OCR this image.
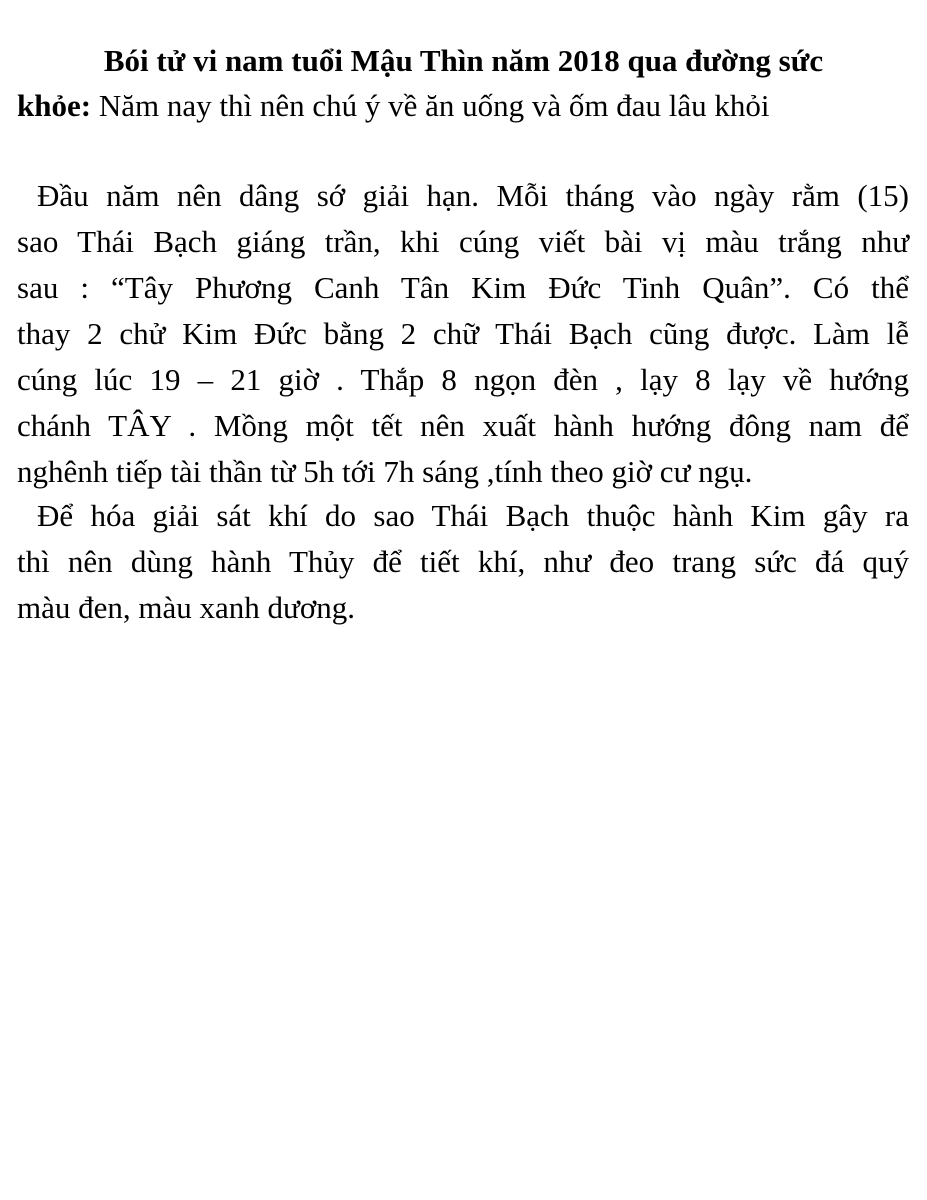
Bói tử vi nam tuổi Mậu Thìn năm 2018 qua đường sức
khỏe: Năm nay thì nên chú ý về ăn uống và ốm đau lâu khỏi
Đầu năm nên dâng sớ giải hạn. Mỗi tháng vào ngày rằm (15)
sao Thái Bạch giáng trần, khi cúng viết bài vị màu trắng như
sau : “Tây Phương Canh Tân Kim Đức Tinh Quân”. Có thể
thay 2 chử Kim Đức bằng 2 chữ Thái Bạch cũng được. Làm lễ
cúng lúc 19 – 21 giờ . Thắp 8 ngọn đèn , lạy 8 lạy về hướng
chánh TÂY . Mồng một tết nên xuất hành hướng đông nam để
nghênh tiếp tài thần từ 5h tới 7h sáng ,tính theo giờ cư ngụ.
Để hóa giải sát khí do sao Thái Bạch thuộc hành Kim gây ra
thì nên dùng hành Thủy để tiết khí, như đeo trang sức đá quý
màu đen, màu xanh dương.
